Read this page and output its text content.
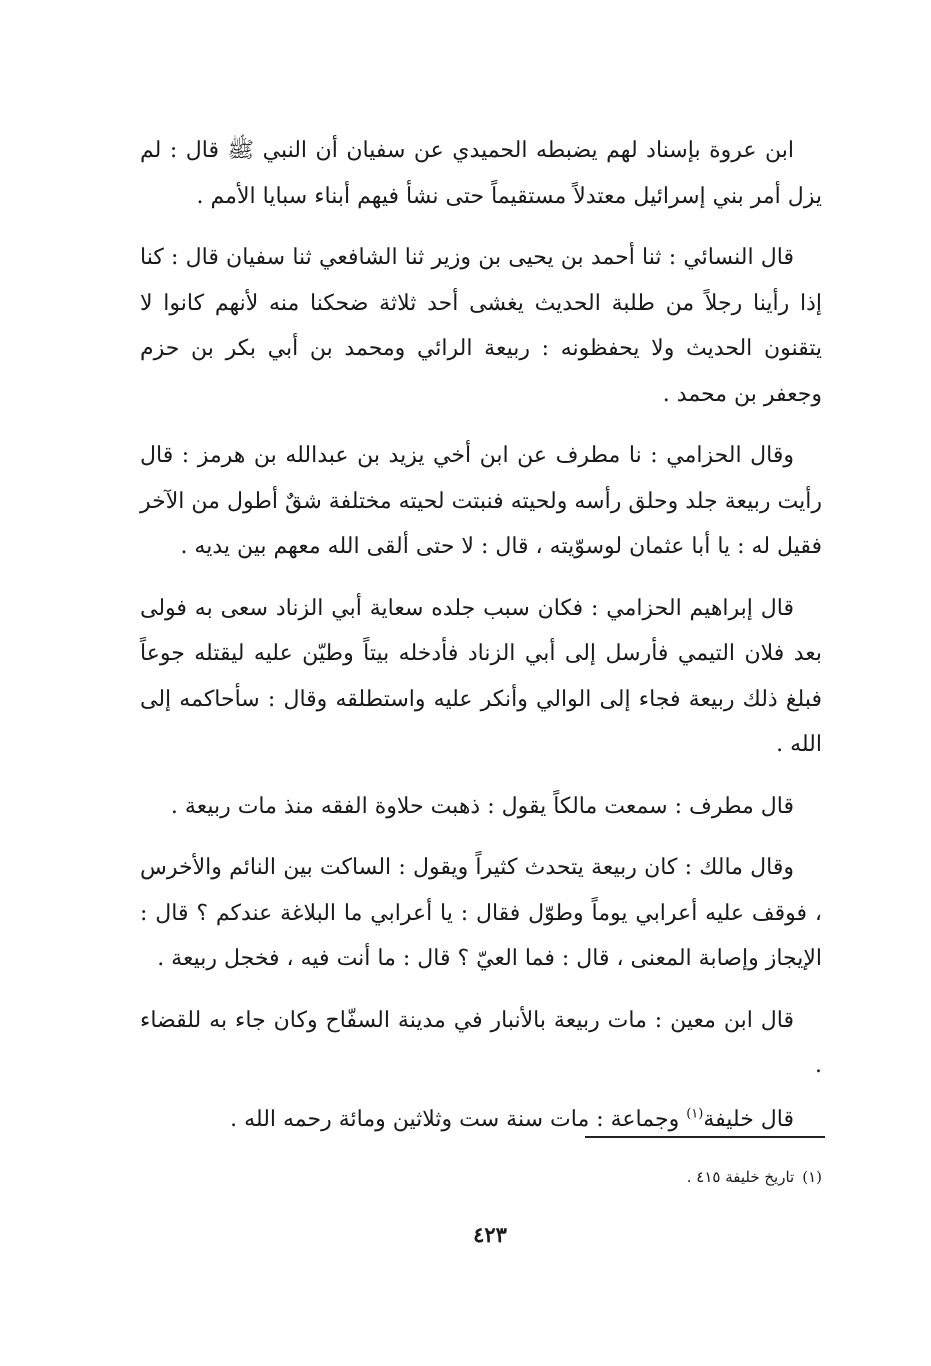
ابن عروة بإسناد لهم يضبطه الحميدي عن سفيان أن النبي ﷺ قال : لم يزل أمر بني إسرائيل معتدلاً مستقيماً حتى نشأ فيهم أبناء سبايا الأمم .

قال النسائي : ثنا أحمد بن يحيى بن وزير ثنا الشافعي ثنا سفيان قال : كنا إذا رأينا رجلاً من طلبة الحديث يغشى أحد ثلاثة ضحكنا منه لأنهم كانوا لا يتقنون الحديث ولا يحفظونه : ربيعة الرائي ومحمد بن أبي بكر بن حزم وجعفر بن محمد .

وقال الحزامي : نا مطرف عن ابن أخي يزيد بن عبدالله بن هرمز : قال رأيت ربيعة جلد وحلق رأسه ولحيته فنبتت لحيته مختلفة شقٌ أطول من الآخر فقيل له : يا أبا عثمان لوسوّيته ، قال : لا حتى ألقى الله معهم بين يديه .

قال إبراهيم الحزامي : فكان سبب جلده سعاية أبي الزناد سعى به فولى بعد فلان التيمي فأرسل إلى أبي الزناد فأدخله بيتاً وطيّن عليه ليقتله جوعاً فبلغ ذلك ربيعة فجاء إلى الوالي وأنكر عليه واستطلقه وقال : سأحاكمه إلى الله .

قال مطرف : سمعت مالكاً يقول : ذهبت حلاوة الفقه منذ مات ربيعة .

وقال مالك : كان ربيعة يتحدث كثيراً ويقول : الساكت بين النائم والأخرس ، فوقف عليه أعرابي يوماً وطوّل فقال : يا أعرابي ما البلاغة عندكم ؟ قال : الإيجاز وإصابة المعنى ، قال : فما العيّ ؟ قال : ما أنت فيه ، فخجل ربيعة .

قال ابن معين : مات ربيعة بالأنبار في مدينة السفّاح وكان جاء به للقضاء .

قال خليفة$^{(١)}$ وجماعة : مات سنة ست وثلاثين ومائة رحمه الله .

(١)تاريخ خليفة ٤١٥ .
٤٢٣
